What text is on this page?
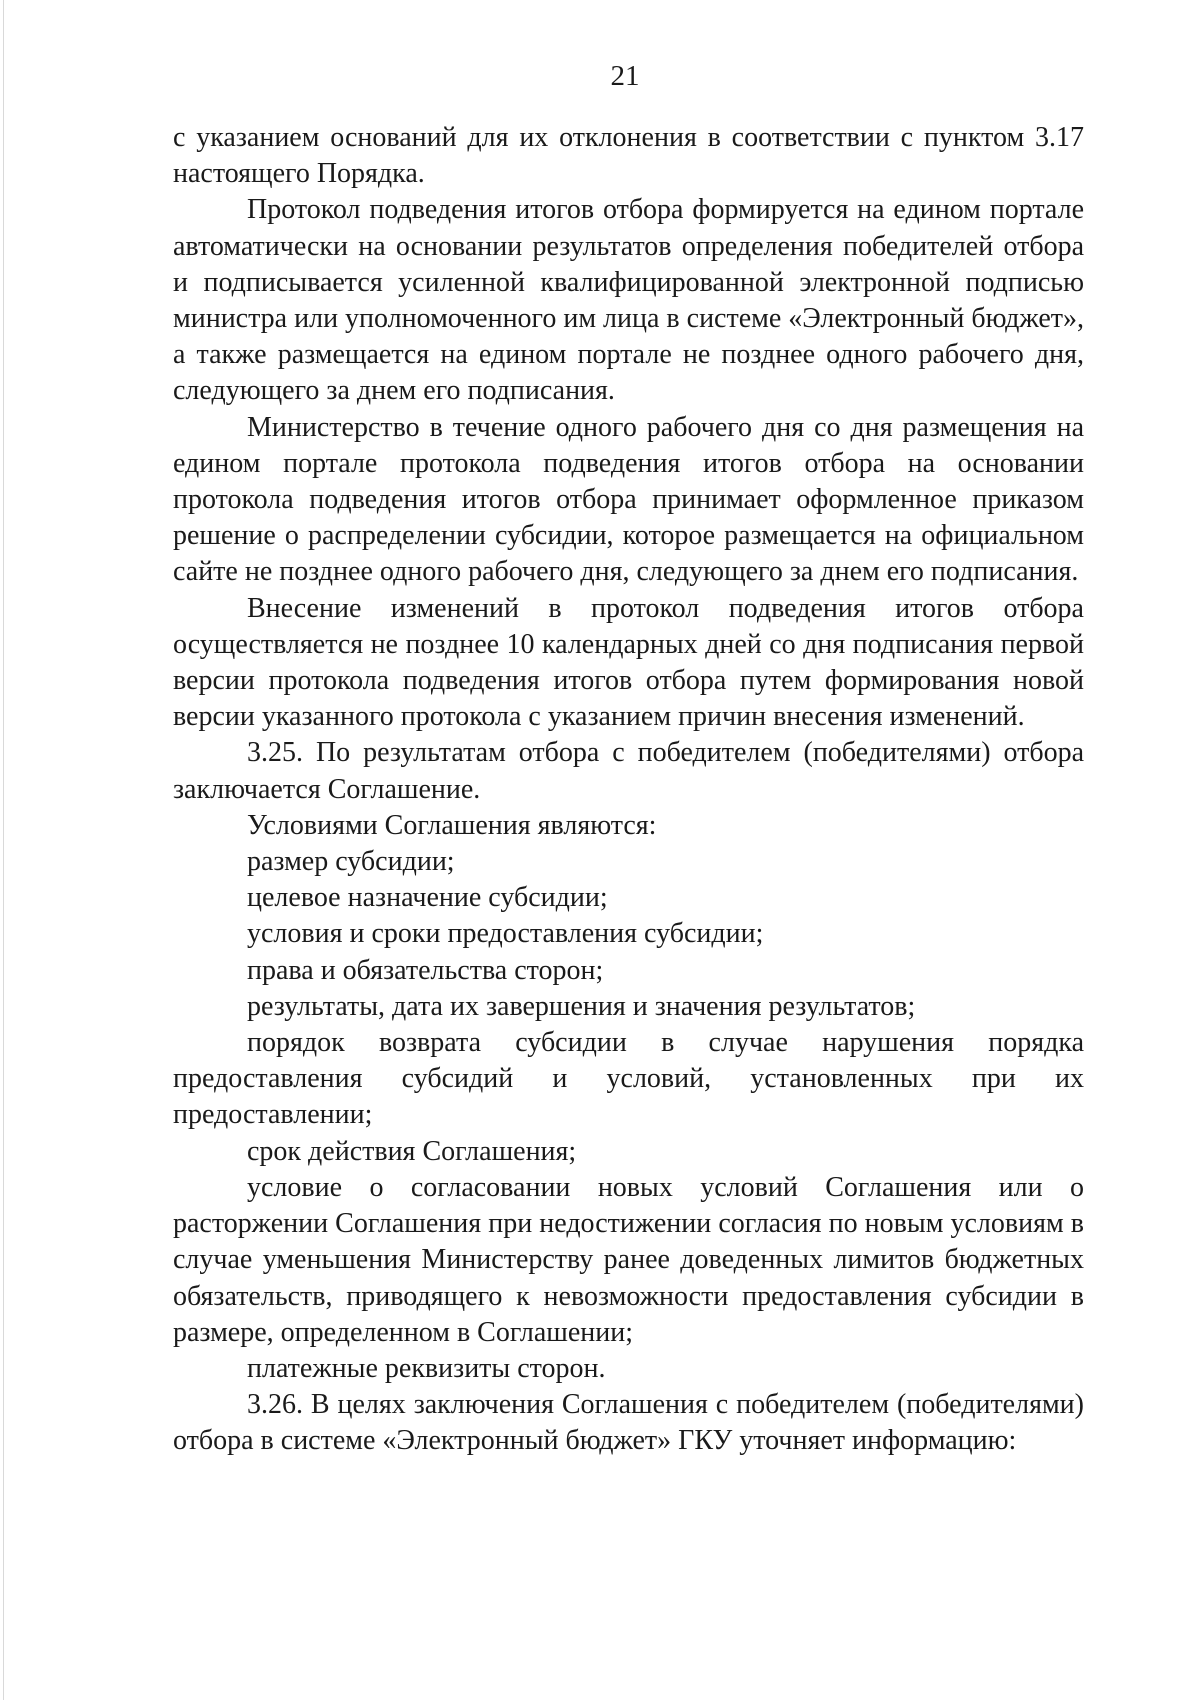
21

с указанием оснований для их отклонения в соответствии с пунктом 3.17 настоящего Порядка.

Протокол подведения итогов отбора формируется на едином портале автоматически на основании результатов определения победителей отбора и подписывается усиленной квалифицированной электронной подписью министра или уполномоченного им лица в системе «Электронный бюджет», а также размещается на едином портале не позднее одного рабочего дня, следующего за днем его подписания.

Министерство в течение одного рабочего дня со дня размещения на едином портале протокола подведения итогов отбора на основании протокола подведения итогов отбора принимает оформленное приказом решение о распределении субсидии, которое размещается на официальном сайте не позднее одного рабочего дня, следующего за днем его подписания.

Внесение изменений в протокол подведения итогов отбора осуществляется не позднее 10 календарных дней со дня подписания первой версии протокола подведения итогов отбора путем формирования новой версии указанного протокола с указанием причин внесения изменений.

3.25. По результатам отбора с победителем (победителями) отбора заключается Соглашение.

Условиями Соглашения являются:

размер субсидии;

целевое назначение субсидии;

условия и сроки предоставления субсидии;

права и обязательства сторон;

результаты, дата их завершения и значения результатов;

порядок возврата субсидии в случае нарушения порядка предоставления субсидий и условий, установленных при их предоставлении;

срок действия Соглашения;

условие о согласовании новых условий Соглашения или о расторжении Соглашения при недостижении согласия по новым условиям в случае уменьшения Министерству ранее доведенных лимитов бюджетных обязательств, приводящего к невозможности предоставления субсидии в размере, определенном в Соглашении;

платежные реквизиты сторон.

3.26. В целях заключения Соглашения с победителем (победителями) отбора в системе «Электронный бюджет» ГКУ уточняет информацию:
